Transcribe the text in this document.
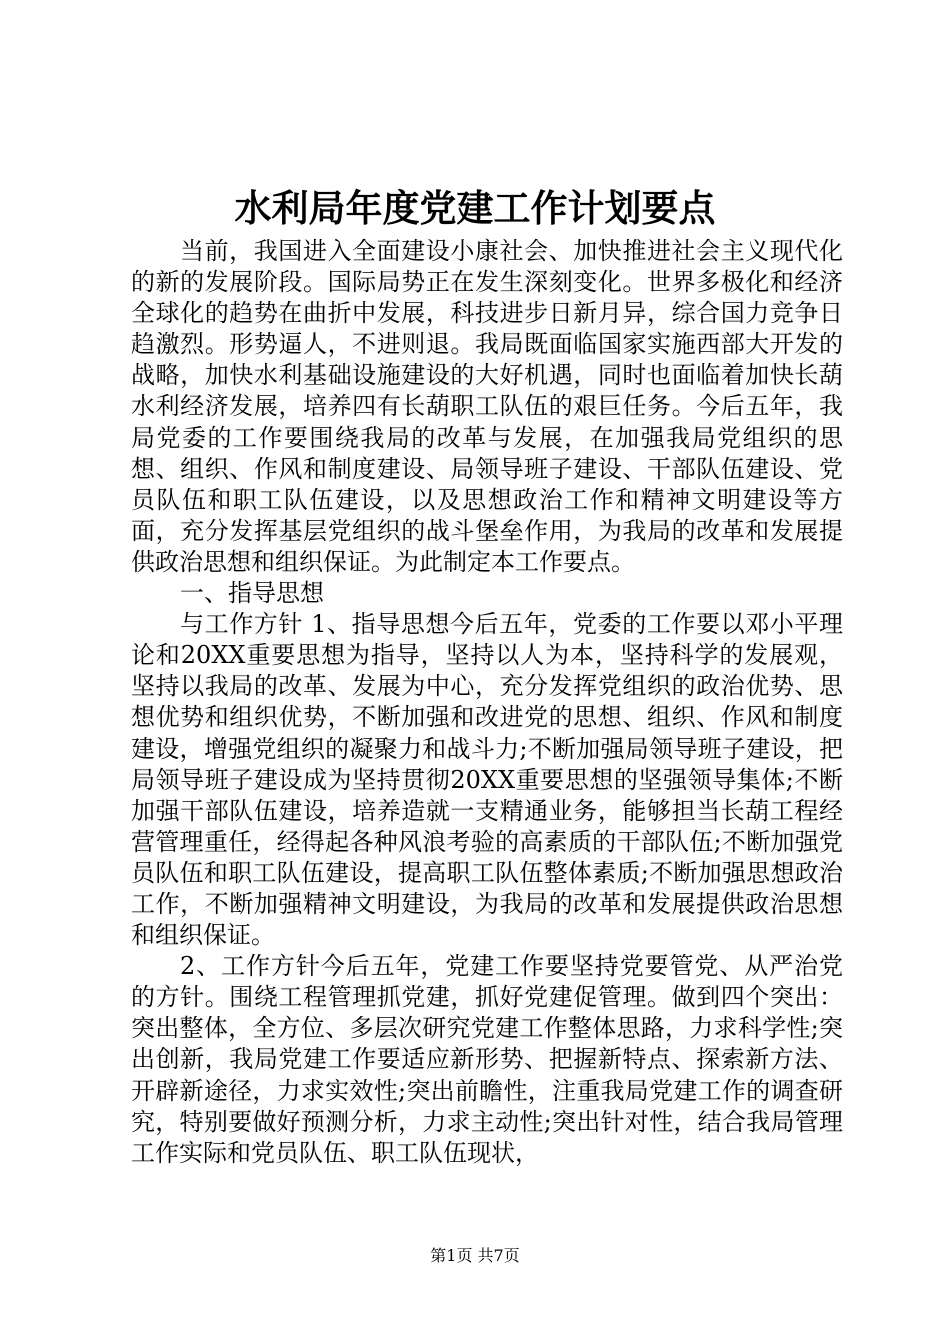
水利局年度党建工作计划要点

当前，我国进入全面建设小康社会、加快推进社会主义现代化的新的发展阶段。国际局势正在发生深刻变化。世界多极化和经济全球化的趋势在曲折中发展，科技进步日新月异，综合国力竞争日趋激烈。形势逼人，不进则退。我局既面临国家实施西部大开发的战略，加快水利基础设施建设的大好机遇，同时也面临着加快长葫水利经济发展，培养四有长葫职工队伍的艰巨任务。今后五年，我局党委的工作要围绕我局的改革与发展，在加强我局党组织的思想、组织、作风和制度建设、局领导班子建设、干部队伍建设、党员队伍和职工队伍建设，以及思想政治工作和精神文明建设等方面，充分发挥基层党组织的战斗堡垒作用，为我局的改革和发展提供政治思想和组织保证。为此制定本工作要点。

一、指导思想

与工作方针 1、指导思想今后五年，党委的工作要以邓小平理论和20XX重要思想为指导，坚持以人为本，坚持科学的发展观，坚持以我局的改革、发展为中心，充分发挥党组织的政治优势、思想优势和组织优势，不断加强和改进党的思想、组织、作风和制度建设，增强党组织的凝聚力和战斗力;不断加强局领导班子建设，把局领导班子建设成为坚持贯彻20XX重要思想的坚强领导集体;不断加强干部队伍建设，培养造就一支精通业务，能够担当长葫工程经营管理重任，经得起各种风浪考验的高素质的干部队伍;不断加强党员队伍和职工队伍建设，提高职工队伍整体素质;不断加强思想政治工作，不断加强精神文明建设，为我局的改革和发展提供政治思想和组织保证。

2、工作方针今后五年，党建工作要坚持党要管党、从严治党的方针。围绕工程管理抓党建，抓好党建促管理。做到四个突出：突出整体，全方位、多层次研究党建工作整体思路，力求科学性;突出创新，我局党建工作要适应新形势、把握新特点、探索新方法、开辟新途径，力求实效性;突出前瞻性，注重我局党建工作的调查研究，特别要做好预测分析，力求主动性;突出针对性，结合我局管理工作实际和党员队伍、职工队伍现状，

第1页 共7页
